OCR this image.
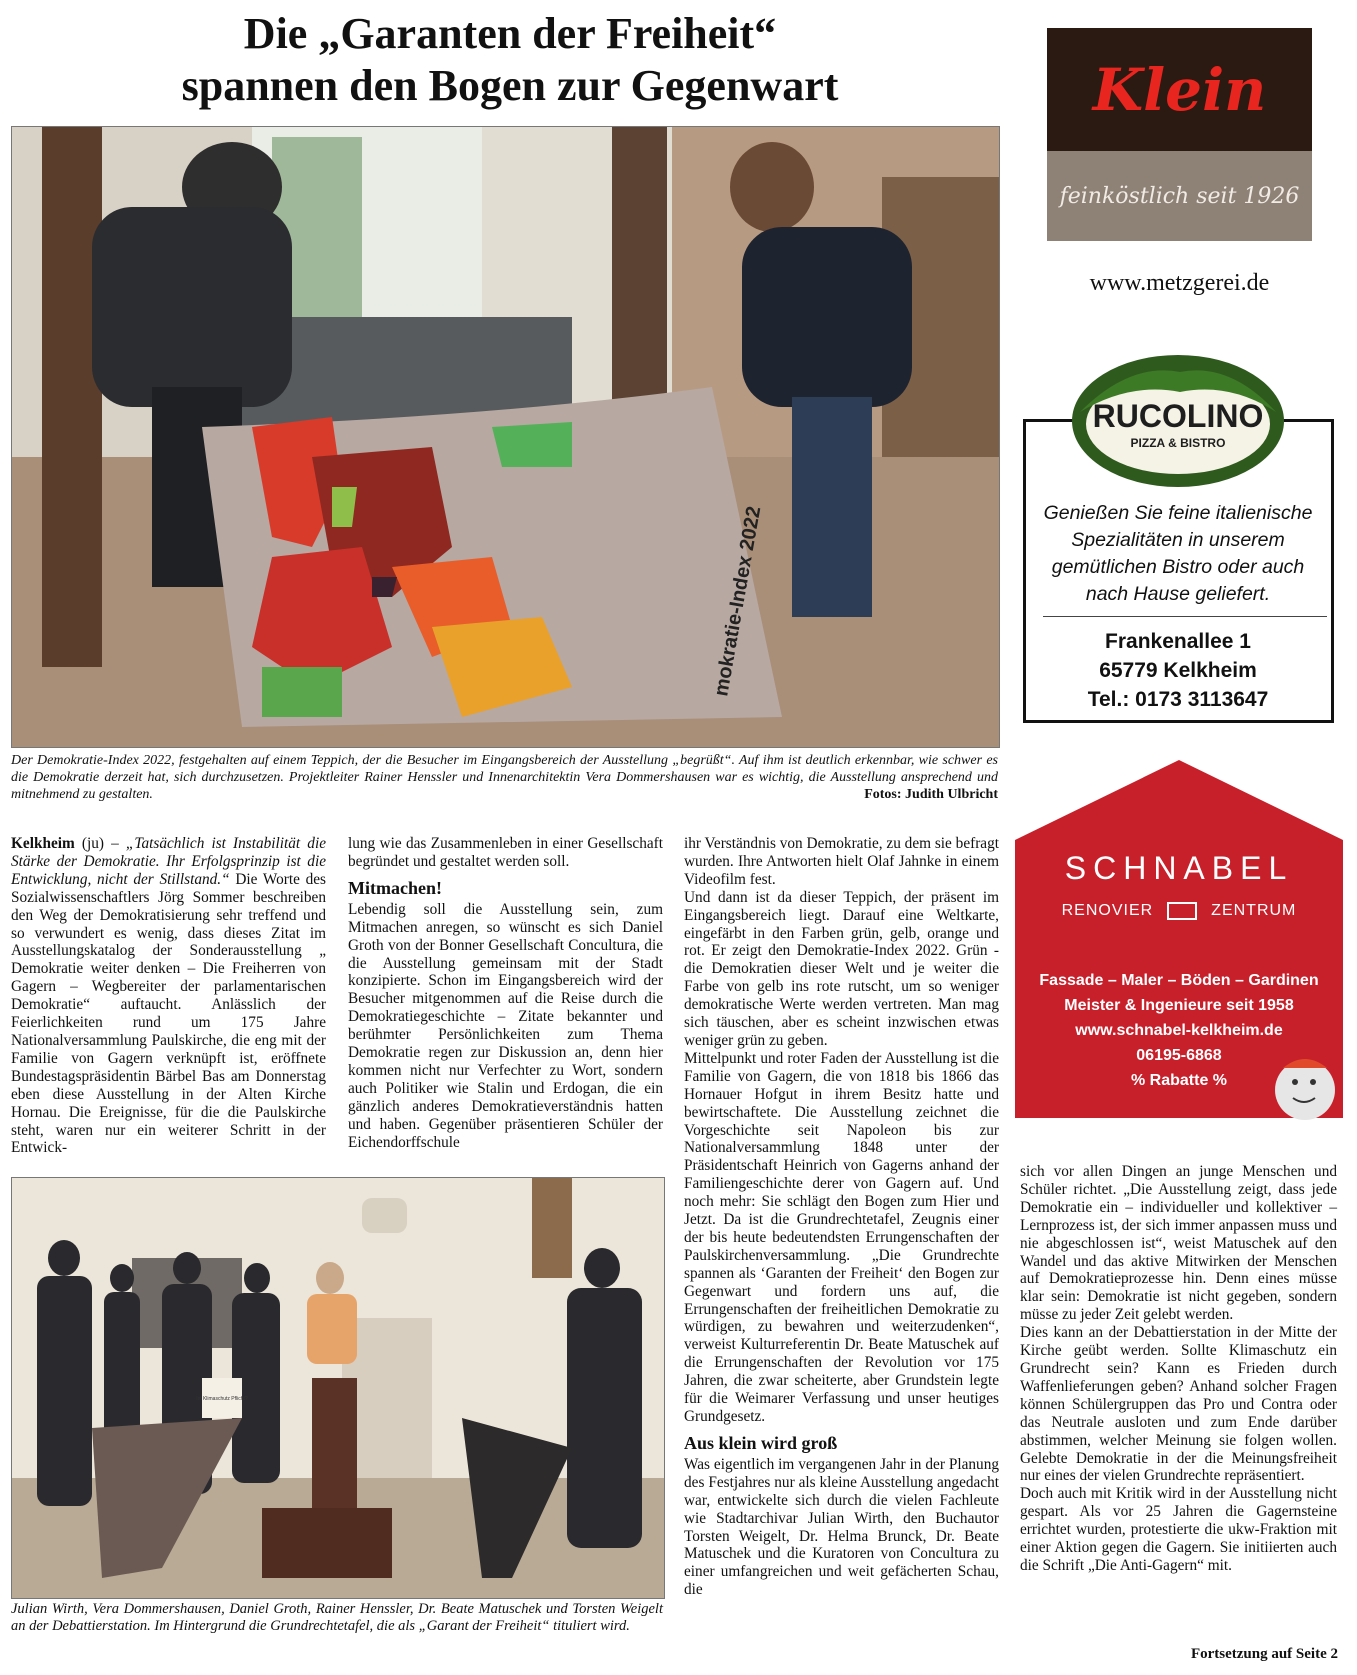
Die „Garanten der Freiheit“
spannen den Bogen zur Gegenwart
mokratie-Index 2022
Der Demokratie-Index 2022, festgehalten auf einem Teppich, der die Besucher im Eingangsbereich der Ausstellung „begrüßt“. Auf ihm ist deutlich erkennbar, wie schwer es die Demokratie derzeit hat, sich durchzusetzen. Projektleiter Rainer Henssler und Innenarchitektin Vera Dommershausen war es wichtig, die Ausstellung ansprechend und mitnehmend zu gestalten.	Fotos: Judith Ulbricht

Kelkheim (ju) – „Tatsächlich ist Instabilität die Stärke der Demokratie. Ihr Erfolgsprinzip ist die Entwicklung, nicht der Stillstand.“ Die Worte des Sozialwissenschaftlers Jörg Sommer beschreiben den Weg der Demokratisierung sehr treffend und so verwundert es wenig, dass dieses Zitat im Ausstellungskatalog der Sonderausstellung „ Demokratie weiter denken – Die Freiherren von Gagern – Wegbereiter der parlamentarischen Demokratie“ auftaucht. Anlässlich der Feierlichkeiten rund um 175 Jahre Nationalversammlung Paulskirche, die eng mit der Familie von Gagern verknüpft ist, eröffnete Bundestagspräsidentin Bärbel Bas am Donnerstag eben diese Ausstellung in der Alten Kirche Hornau. Die Ereignisse, für die die Paulskirche steht, waren nur ein weiterer Schritt in der Entwick-

lung wie das Zusammenleben in einer Gesellschaft begründet und gestaltet werden soll.

Mitmachen!

Lebendig soll die Ausstellung sein, zum Mitmachen anregen, so wünscht es sich Daniel Groth von der Bonner Gesellschaft Concultura, die die Ausstellung gemeinsam mit der Stadt konzipierte. Schon im Eingangsbereich wird der Besucher mitgenommen auf die Reise durch die Demokratiegeschichte – Zitate bekannter und berühmter Persönlichkeiten zum Thema Demokratie regen zur Diskussion an, denn hier kommen nicht nur Verfechter zu Wort, sondern auch Politiker wie Stalin und Erdogan, die ein gänzlich anderes Demokratieverständnis hatten und haben. Gegenüber präsentieren Schüler der Eichendorffschule

ihr Verständnis von Demokratie, zu dem sie befragt wurden. Ihre Antworten hielt Olaf Jahnke in einem Videofilm fest.

Und dann ist da dieser Teppich, der präsent im Eingangsbereich liegt. Darauf eine Weltkarte, eingefärbt in den Farben grün, gelb, orange und rot. Er zeigt den Demokratie-Index 2022. Grün - die Demokratien dieser Welt und je weiter die Farbe von gelb ins rote rutscht, um so weniger demokratische Werte werden vertreten. Man mag sich täuschen, aber es scheint inzwischen etwas weniger grün zu geben.

Mittelpunkt und roter Faden der Ausstellung ist die Familie von Gagern, die von 1818 bis 1866 das Hornauer Hofgut in ihrem Besitz hatte und bewirtschaftete. Die Ausstellung zeichnet die Vorgeschichte seit Napoleon bis zur Nationalversammlung 1848 unter der Präsidentschaft Heinrich von Gagerns anhand der Familiengeschichte derer von Gagern auf. Und noch mehr: Sie schlägt den Bogen zum Hier und Jetzt. Da ist die Grundrechtetafel, Zeugnis einer der bis heute bedeutendsten Errungenschaften der Paulskirchenversammlung. „Die Grundrechte spannen als ‘Garanten der Freiheit‘ den Bogen zur Gegenwart und fordern uns auf, die Errungenschaften der freiheitlichen Demokratie zu würdigen, zu bewahren und weiterzudenken“, verweist Kulturreferentin Dr. Beate Matuschek auf die Errungenschaften der Revolution vor 175 Jahren, die zwar scheiterte, aber Grundstein legte für die Weimarer Verfassung und unser heutiges Grundgesetz.

Aus klein wird groß

Was eigentlich im vergangenen Jahr in der Planung des Festjahres nur als kleine Ausstellung angedacht war, entwickelte sich durch die vielen Fachleute wie Stadtarchivar Julian Wirth, den Buchautor Torsten Weigelt, Dr. Helma Brunck, Dr. Beate Matuschek und die Kuratoren von Concultura zu einer umfangreichen und weit gefächerten Schau, die

sich vor allen Dingen an junge Menschen und Schüler richtet. „Die Ausstellung zeigt, dass jede Demokratie ein – individueller und kollektiver – Lernprozess ist, der sich immer anpassen muss und nie abgeschlossen ist“, weist Matuschek auf den Wandel und das aktive Mitwirken der Menschen auf Demokratieprozesse hin. Denn eines müsse klar sein: Demokratie ist nicht gegeben, sondern müsse zu jeder Zeit gelebt werden.

Dies kann an der Debattierstation in der Mitte der Kirche geübt werden. Sollte Klimaschutz ein Grundrecht sein? Kann es Frieden durch Waffenlieferungen geben? Anhand solcher Fragen können Schülergruppen das Pro und Contra oder das Neutrale ausloten und zum Ende darüber abstimmen, welcher Meinung sie folgen wollen. Gelebte Demokratie in der die Meinungsfreiheit nur eines der vielen Grundrechte repräsentiert.

Doch auch mit Kritik wird in der Ausstellung nicht gespart. Als vor 25 Jahren die Gagernsteine errichtet wurden, protestierte die ukw-Fraktion mit einer Aktion gegen die Gagern. Sie initiierten auch die Schrift „Die Anti-Gagern“ mit.

Fortsetzung auf Seite 2
Ist Klimaschutz Pflicht?
Julian Wirth, Vera Dommershausen, Daniel Groth, Rainer Henssler, Dr. Beate Matuschek und Torsten Weigelt an der Debattierstation. Im Hintergrund die Grundrechtetafel, die als „Garant der Freiheit“ tituliert wird.
Klein
feinköstlich seit 1926
www.metzgerei.de
RUCOLINO
PIZZA & BISTRO
Genießen Sie feine italienische Spezialitäten in unserem gemütlichen Bistro oder auch nach Hause geliefert.
Frankenallee 1
65779 Kelkheim
Tel.: 0173 3113647
SCHNABEL
RENOVIER	ZENTRUM
Fassade – Maler – Böden – Gardinen
Meister & Ingenieure seit 1958
www.schnabel-kelkheim.de
06195-6868
% Rabatte %
